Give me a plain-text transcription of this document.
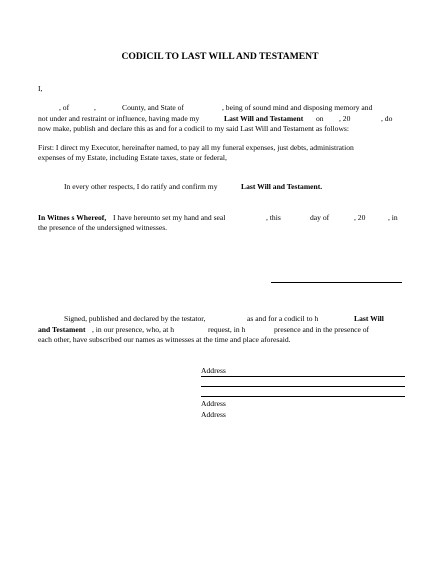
CODICIL TO LAST WILL AND TESTAMENT
I,
, of	,	County, and State of	, being of sound mind and disposing memory and
not under and restraint or influence, having made my	Last Will and Testament on , 20	, do
now make, publish and declare this as and for a codicil to my said Last Will and Testament as follows:
First: I direct my Executor, hereinafter named, to pay all my funeral expenses, just debts, administration
expenses of my Estate, including Estate taxes, state or federal,
In every other respects, I do ratify and confirm my	Last Will and Testament.
In Witnes s Whereof, I have hereunto set my hand and seal	, this	day of	, 20	, in
the presence of the undersigned witnesses.
Signed, published and declared by the testator,	as and for a codicil to h	Last Will
and Testament , in our presence, who, at h	request, in h	presence and in the presence of
each other, have subscribed our names as witnesses at the time and place aforesaid.
Address
Address
Address
